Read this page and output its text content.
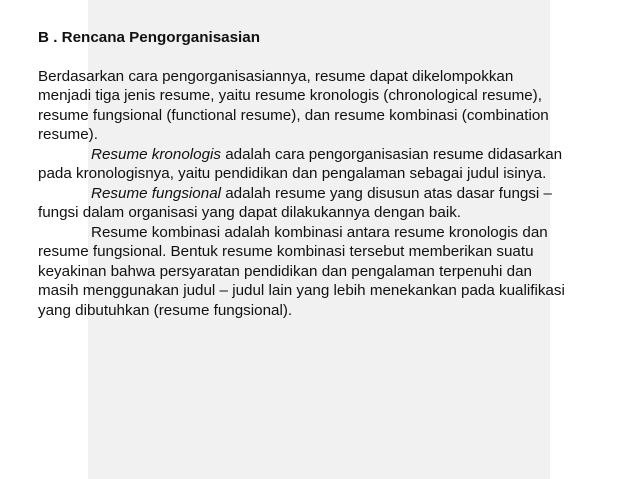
B . Rencana Pengorganisasian
Berdasarkan cara pengorganisasiannya, resume dapat dikelompokkan
menjadi tiga jenis resume, yaitu resume kronologis (chronological resume),
resume fungsional (functional resume), dan resume kombinasi (combination
resume).
Resume kronologis adalah cara pengorganisasian resume didasarkan
pada kronologisnya, yaitu pendidikan dan pengalaman sebagai judul isinya.
Resume fungsional adalah resume yang disusun atas dasar fungsi –
fungsi dalam organisasi yang dapat dilakukannya dengan baik.
Resume kombinasi adalah kombinasi antara resume kronologis dan
resume fungsional. Bentuk resume kombinasi tersebut memberikan suatu
keyakinan bahwa persyaratan pendidikan dan pengalaman terpenuhi dan
masih menggunakan judul – judul lain yang lebih menekankan pada kualifikasi
yang dibutuhkan (resume fungsional).
